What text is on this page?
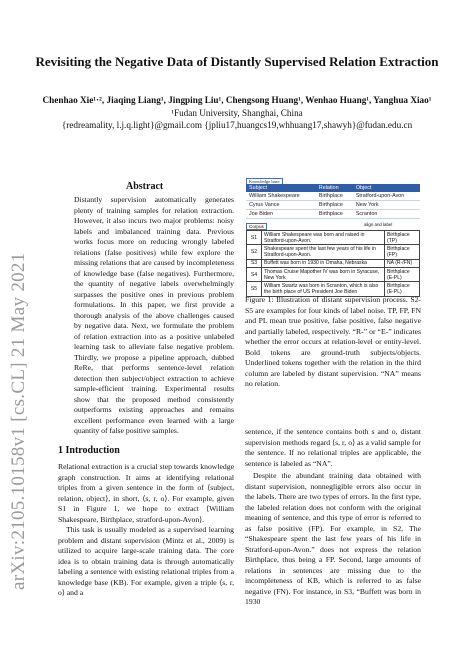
arXiv:2105.10158v1 [cs.CL] 21 May 2021
Revisiting the Negative Data of Distantly Supervised Relation Extraction
Chenhao Xie¹·², Jiaqing Liang¹, Jingping Liu¹, Chengsong Huang¹, Wenhao Huang¹, Yanghua Xiao¹
¹Fudan University, Shanghai, China
{redreamality, l.j.q.light}@gmail.com {jpliu17,huangcs19,whhuang17,shawyh}@fudan.edu.cn
Abstract
Distantly supervision automatically generates plenty of training samples for relation extraction. However, it also incurs two major problems: noisy labels and imbalanced training data. Previous works focus more on reducing wrongly labeled relations (false positives) while few explore the missing relations that are caused by incompleteness of knowledge base (false negatives). Furthermore, the quantity of negative labels overwhelmingly surpasses the positive ones in previous problem formulations. In this paper, we first provide a thorough analysis of the above challenges caused by negative data. Next, we formulate the problem of relation extraction into as a positive unlabeled learning task to alleviate false negative problem. Thirdly, we propose a pipeline approach, dubbed ReRe, that performs sentence-level relation detection then subject/object extraction to achieve sample-efficient training. Experimental results show that the proposed method consistently outperforms existing approaches and remains excellent performance even learned with a large quantity of false positive samples.
1 Introduction

Relational extraction is a crucial step towards knowledge graph construction. It aims at identifying relational triples from a given sentence in the form of ⟨subject, relation, object⟩, in short, ⟨s, r, o⟩. For example, given S1 in Figure 1, we hope to extract ⟨William Shakespeare, Birthplace, stratford-upon-Avon⟩.

This task is usually modeled as a supervised learning problem and distant supervision (Mintz et al., 2009) is utilized to acquire large-scale training data. The core idea is to obtain training data is through automatically labeling a sentence with existing relational triples from a knowledge base (KB). For example, given a triple ⟨s, r, o⟩ and a

Knowledge base
Subject	Relation	Object
William Shakespeare	Birthplace	Stratford-upon-Avon
Cyrus Vance	Birthplace	New York
Joe Biden	Birthplace	Scranton
Corpus	align and label
S1	William Shakespeare was born and raised in Stratford-upon-Avon.	Birthplace (TP)
S2	Shakespeare spent the last few years of his life in Stratford-upon-Avon.	Birthplace (FP)
S3	Buffett was born in 1930 in Omaha, Nebraska	NA (R-/FN)
S4	Thomas Cruise Mapother IV was born in Syracuse, New York	Birthplace (E-PL)
S5	William Swartz was born in Scranton, which is also the birth place of US President Joe Biden	Birthplace (E-PL)
Figure 1: Illustration of distant supervision process. S2-S5 are examples for four kinds of label noise. TP, FP, FN and PL mean true positive, false positive, false negative and partially labeled, respectively. “R-” or “E-” indicates whether the error occurs at relation-level or entity-level. Bold tokens are ground-truth subjects/objects. Underlined tokens together with the relation in the third column are labeled by distant supervision. “NA” means no relation.

sentence, if the sentence contains both s and o, distant supervision methods regard ⟨s, r, o⟩ as a valid sample for the sentence. If no relational triples are applicable, the sentence is labeled as “NA”.

Despite the abundant training data obtained with distant supervision, nonnegligible errors also occur in the labels. There are two types of errors. In the first type, the labeled relation does not conform with the original meaning of sentence, and this type of error is referred to as false positive (FP). For example, in S2, The “Shakespeare spent the last few years of his life in Stratford-upon-Avon.” does not express the relation Birthplace, thus being a FP. Second, large amounts of relations in sentences are missing due to the incompleteness of KB, which is referred to as false negative (FN). For instance, in S3, “Buffett was born in 1930
